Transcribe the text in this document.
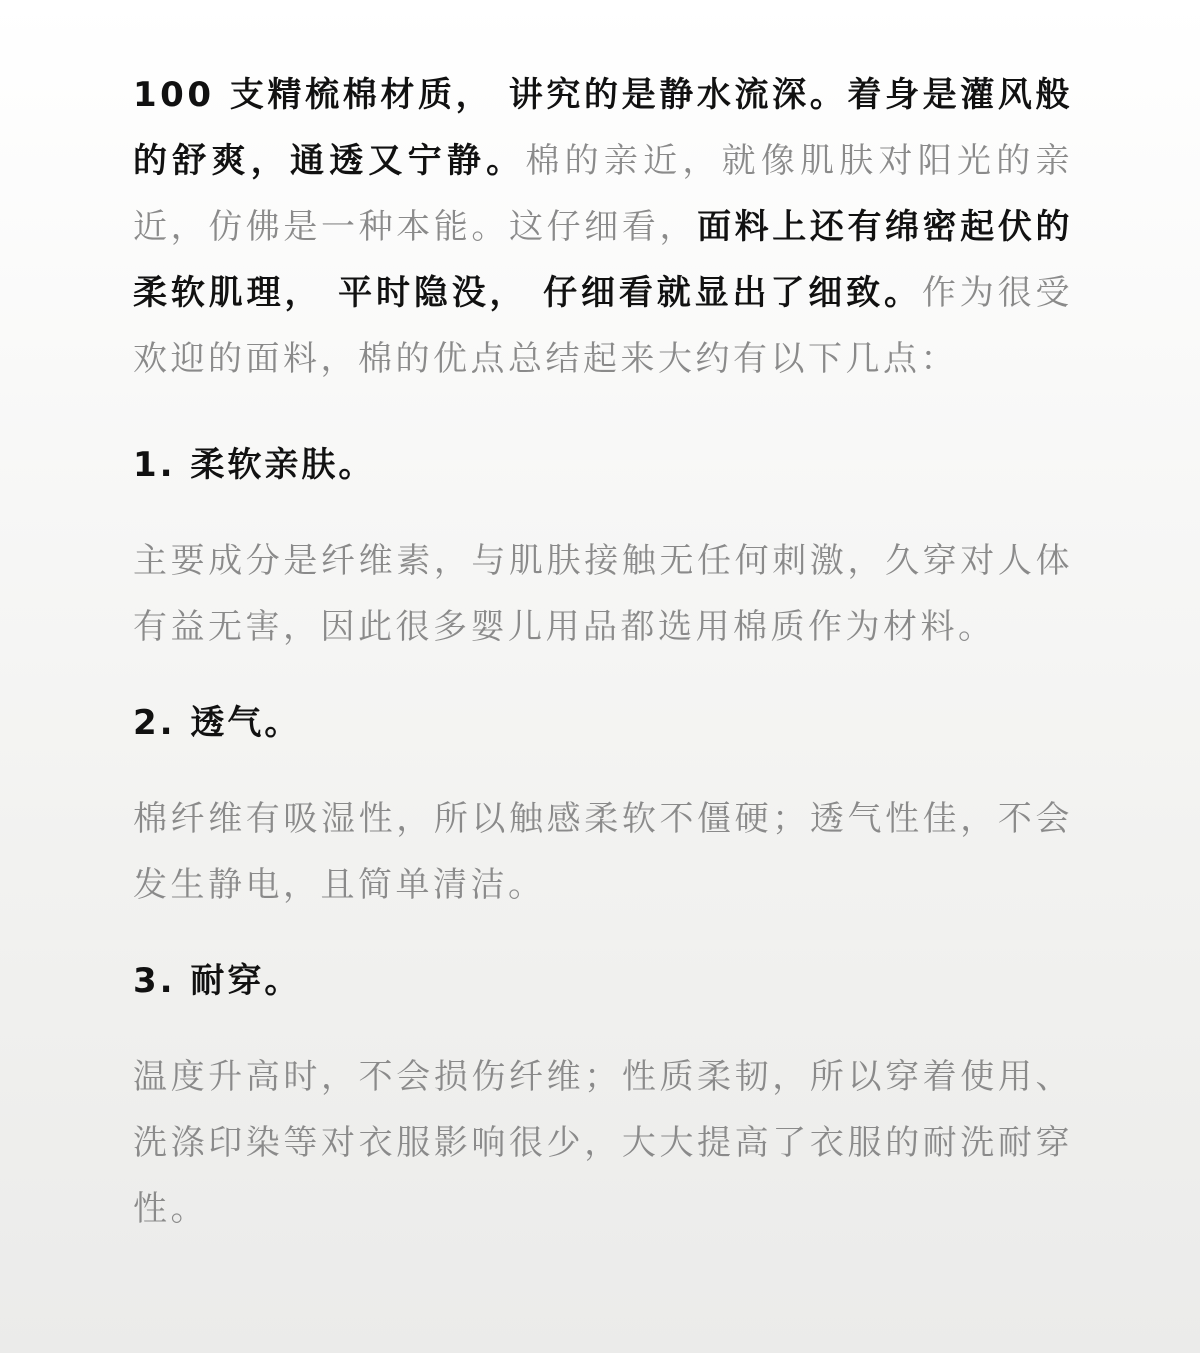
100 支精梳棉材质， 讲究的是静水流深。着身是灌风般的舒爽，通透又宁静。棉的亲近，就像肌肤对阳光的亲近，仿佛是一种本能。这仔细看，面料上还有绵密起伏的柔软肌理， 平时隐没， 仔细看就显出了细致。作为很受欢迎的面料，棉的优点总结起来大约有以下几点：

1. 柔软亲肤。

主要成分是纤维素，与肌肤接触无任何刺激，久穿对人体有益无害，因此很多婴儿用品都选用棉质作为材料。

2. 透气。

棉纤维有吸湿性，所以触感柔软不僵硬；透气性佳，不会发生静电，且简单清洁。

3. 耐穿。

温度升高时，不会损伤纤维；性质柔韧，所以穿着使用、洗涤印染等对衣服影响很少，大大提高了衣服的耐洗耐穿性。
